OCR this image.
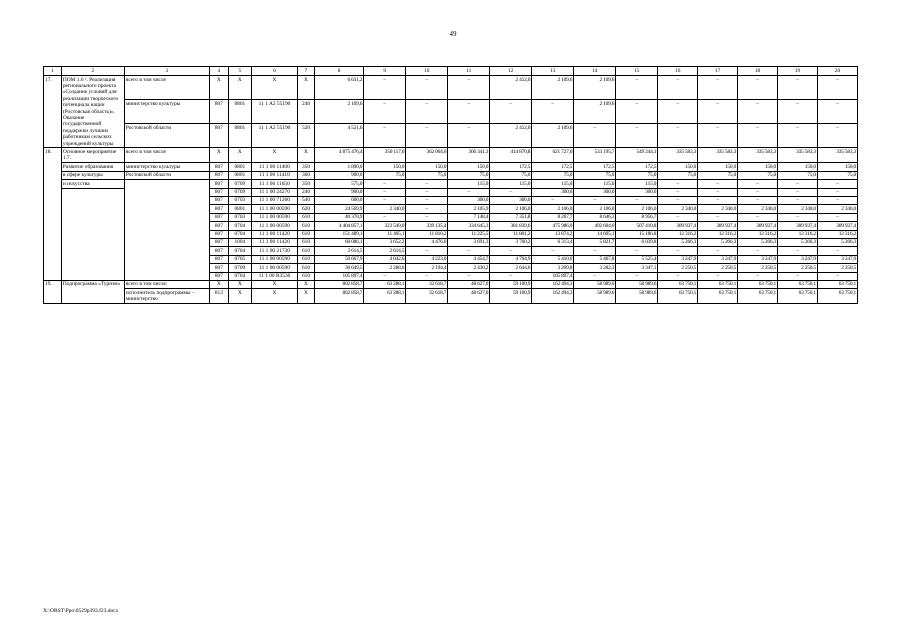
49
1	2	3	4	5	6	7	8	9	10	11	12	13	14	15	16	17	18	19	20
17.	ПОМ 1.6 ². Реализация регионального проекта «Создание условий для реализации творческого потенциала нации (Ростовская область)». Оказание государственной поддержки лучшим работникам сельских учреждений культуры	всего в том числе	X	X	X	X	6 631,2	–	–	–	2 412,0	2 109,6	2 109,6	–	–	–	–	–	–
		министерство культуры	807	0801	11 1 A2 55190	240	2 109,6	–	–	–	–	–	2 109,6	–	–	–	–	–	–
		Ростовской области	807	0801	11 1 A2 55190	520	4 521,6	–	–	–	2 412,0	2 109,6	–	–	–	–	–	–	–
18.	Основное мероприятие 1.7.	всего в том числе	X	X	X	X	4 875 476,4	350 117,0	362 064,0	366 341,3	414 870,8	621 727,0	533 195,7	549 244,1	335 583,3	335 583,3	335 583,3	335 583,3	335 583,3
	Развитие образования	министерство культуры	807	0801	11 1 00 11400	350	1 890,0	150,0	150,0	150,0	172,5	172,5	172,5	172,5	150,0	150,0	150,0	150,0	150,0
	в сфере культуры	Ростовской области	807	0801	11 1 00 11410	360	900,0	75,0	75,0	75,0	75,0	75,0	75,0	75,0	75,0	75,0	75,0	75,0	75,0
	и искусства		807	0709	11 1 00 11650	350	575,0	–	–	115,0	115,0	115,0	115,0	115,0	–	–	–	–	–
			807	0709	11 1 00 24270	240	900,0	–	–	–	–	300,0	300,0	300,0	–	–	–	–	–
			807	0703	11 1 00 71260	540	600,0	–	–	300,0	300,0	–	–	–	–	–	–	–	–
			807	0801	11 1 00 00590	620	24 569,9	2 340,0	–	2 105,9	2 106,0	2 106,0	2 106,0	2 106,0	2 340,0	2 340,0	2 340,0	2 340,0	2 340,0
			807	0703	11 1 00 00590	610	40 370,9	–	–	7 148,4	7 351,8	8 267,7	8 646,3	8 956,7	–	–	–	–	–
			807	0704	11 1 00 00590	610	4 404 857,1	323 549,0	339 135,4	334 645,3	381 839,6	475 986,0	492 604,0	507 410,8	309 937,4	309 937,4	309 937,4	309 937,4	309 937,4
			807	0704	11 1 00 11420	610	151 489,1	11 405,1	11 810,2	11 225,5	11 801,2	13 874,2	14 605,1	15 186,8	12 316,2	12 316,2	12 316,2	12 316,2	12 316,2
			807	1004	11 1 00 11420	610	60 086,1	3 652,2	4 476,0	3 691,3	3 760,2	6 313,4	5 821,7	6 039,8	5 266,3	5 266,3	5 266,3	5 266,3	5 266,3
			807	0704	11 1 00 21730	610	2 614,5	2 614,5	–	–	–	–	–	–	–	–	–	–	–
			807	0705	11 1 00 00590	610	50 667,9	4 042,6	4 223,0	4 454,7	4 704,9	5 410,0	5 467,8	5 525,4	3 247,9	3 247,9	3 247,9	3 247,9	3 247,9
			807	0709	11 1 00 00590	610	30 649,5	2 288,6	2 194,4	2 430,2	2 644,6	3 209,8	3 282,3	3 347,1	2 250,5	2 250,5	2 250,5	2 250,5	2 250,5
			807	0704	11 1 00 R3530	610	105 897,4	–	–	–	–	105 897,4	–	–	–	–	–	–	–
19.	Подпрограмма «Туризм»	всего в том числе:	X	X	X	X	802 858,7	63 288,1	32 618,7	48 627,0	59 100,9	162 494,3	58 989,6	58 989,6	63 750,1	63 750,1	63 750,1	63 750,1	63 750,1
		исполнитель подпрограммы – министерство	813	X	X	X	802 858,7	63 288,1	32 618,7	48 627,0	59 100,9	162 494,3	58 989,6	58 989,6	63 750,1	63 750,1	63 750,1	63 750,1	63 750,1
X:\ORST\Ppo\0529p393.f23.docx
